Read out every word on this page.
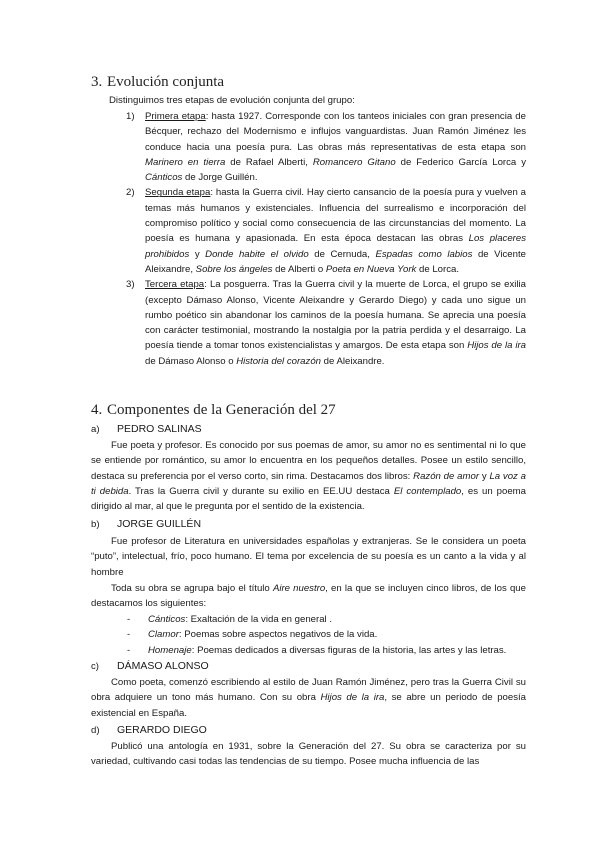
3. Evolución conjunta
Distinguimos tres etapas de evolución conjunta del grupo:
1) Primera etapa: hasta 1927. Corresponde con los tanteos iniciales con gran presencia de Bécquer, rechazo del Modernismo e influjos vanguardistas. Juan Ramón Jiménez les conduce hacia una poesía pura. Las obras más representativas de esta etapa son Marinero en tierra de Rafael Alberti, Romancero Gitano de Federico García Lorca y Cánticos de Jorge Guillén.
2) Segunda etapa: hasta la Guerra civil. Hay cierto cansancio de la poesía pura y vuelven a temas más humanos y existenciales. Influencia del surrealismo e incorporación del compromiso político y social como consecuencia de las circunstancias del momento. La poesía es humana y apasionada. En esta época destacan las obras Los placeres prohibidos y Donde habite el olvido de Cernuda, Espadas como labios de Vicente Aleixandre, Sobre los ángeles de Alberti o Poeta en Nueva York de Lorca.
3) Tercera etapa: La posguerra. Tras la Guerra civil y la muerte de Lorca, el grupo se exilia (excepto Dámaso Alonso, Vicente Aleixandre y Gerardo Diego) y cada uno sigue un rumbo poético sin abandonar los caminos de la poesía humana. Se aprecia una poesía con carácter testimonial, mostrando la nostalgia por la patria perdida y el desarraigo. La poesía tiende a tomar tonos existencialistas y amargos. De esta etapa son Hijos de la ira de Dámaso Alonso o Historia del corazón de Aleixandre.
4. Componentes de la Generación del 27
a) PEDRO SALINAS

Fue poeta y profesor. Es conocido por sus poemas de amor, su amor no es sentimental ni lo que se entiende por romántico, su amor lo encuentra en los pequeños detalles. Posee un estilo sencillo, destaca su preferencia por el verso corto, sin rima. Destacamos dos libros: Razón de amor y La voz a ti debida. Tras la Guerra civil y durante su exilio en EE.UU destaca El contemplado, es un poema dirigido al mar, al que le pregunta por el sentido de la existencia.

b) JORGE GUILLÉN

Fue profesor de Literatura en universidades españolas y extranjeras. Se le considera un poeta “puto”, intelectual, frío, poco humano. El tema por excelencia de su poesía es un canto a la vida y al hombre

Toda su obra se agrupa bajo el título Aire nuestro, en la que se incluyen cinco libros, de los que destacamos los siguientes:

- Cánticos: Exaltación de la vida en general .
- Clamor: Poemas sobre aspectos negativos de la vida.
- Homenaje: Poemas dedicados a diversas figuras de la historia, las artes y las letras.
c) DÁMASO ALONSO

Como poeta, comenzó escribiendo al estilo de Juan Ramón Jiménez, pero tras la Guerra Civil su obra adquiere un tono más humano. Con su obra Hijos de la ira, se abre un periodo de poesía existencial en España.

d) GERARDO DIEGO

Publicó una antología en 1931, sobre la Generación del 27. Su obra se caracteriza por su variedad, cultivando casi todas las tendencias de su tiempo. Posee mucha influencia de las
